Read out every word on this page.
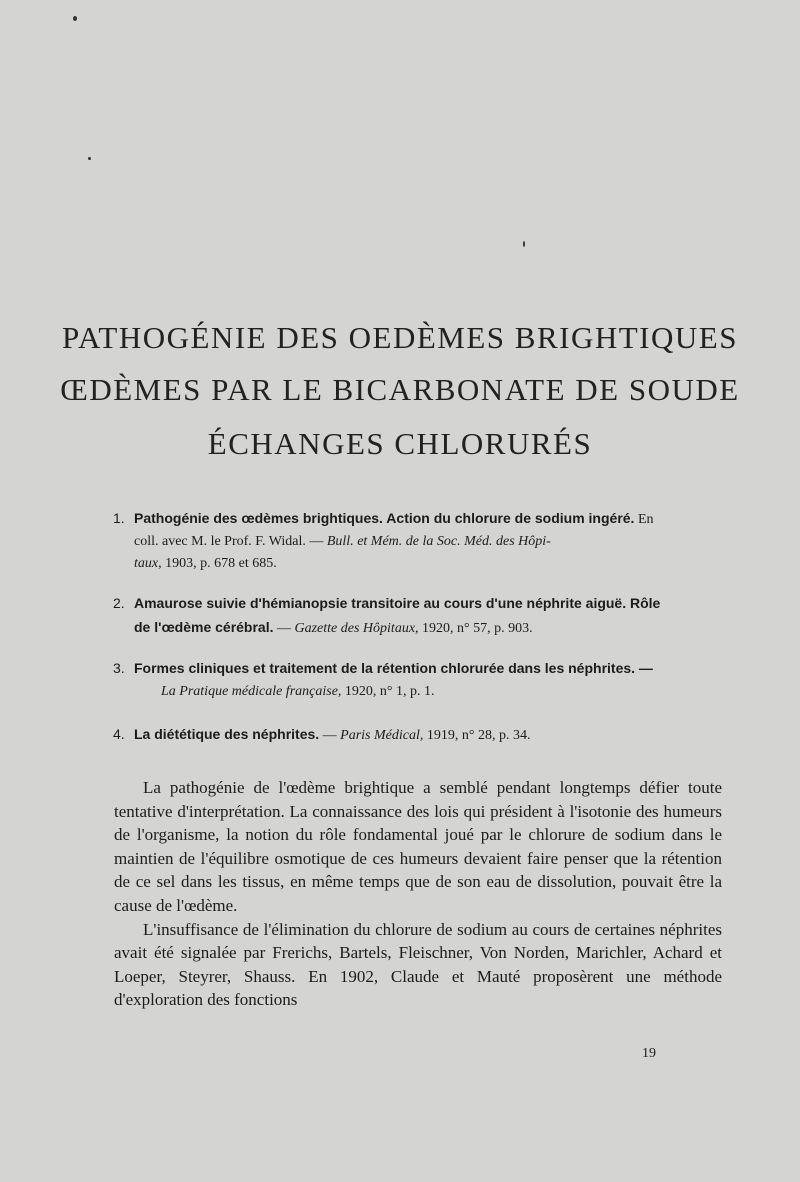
PATHOGÉNIE DES OEDÈMES BRIGHTIQUES
ŒDÈMES PAR LE BICARBONATE DE SOUDE
ÉCHANGES CHLORURÉS
1. Pathogénie des œdèmes brightiques. Action du chlorure de sodium ingéré. En
coll. avec M. le Prof. F. Widal. — Bull. et Mém. de la Soc. Méd. des Hôpi-
taux, 1903, p. 678 et 685.
2. Amaurose suivie d'hémianopsie transitoire au cours d'une néphrite aiguë. Rôle
de l'œdème cérébral. — Gazette des Hôpitaux, 1920, n° 57, p. 903.
3. Formes cliniques et traitement de la rétention chlorurée dans les néphrites. —
La Pratique médicale française, 1920, n° 1, p. 1.
4. La diététique des néphrites. — Paris Médical, 1919, n° 28, p. 34.

La pathogénie de l'œdème brightique a semblé pendant longtemps défier toute tentative d'interprétation. La connaissance des lois qui président à l'isotonie des humeurs de l'organisme, la notion du rôle fondamental joué par le chlorure de sodium dans le maintien de l'équilibre osmotique de ces humeurs devaient faire penser que la rétention de ce sel dans les tissus, en même temps que de son eau de dissolution, pouvait être la cause de l'œdème.

L'insuffisance de l'élimination du chlorure de sodium au cours de certaines néphrites avait été signalée par Frerichs, Bartels, Fleischner, Von Norden, Marichler, Achard et Loeper, Steyrer, Shauss. En 1902, Claude et Mauté proposèrent une méthode d'exploration des fonctions

19
